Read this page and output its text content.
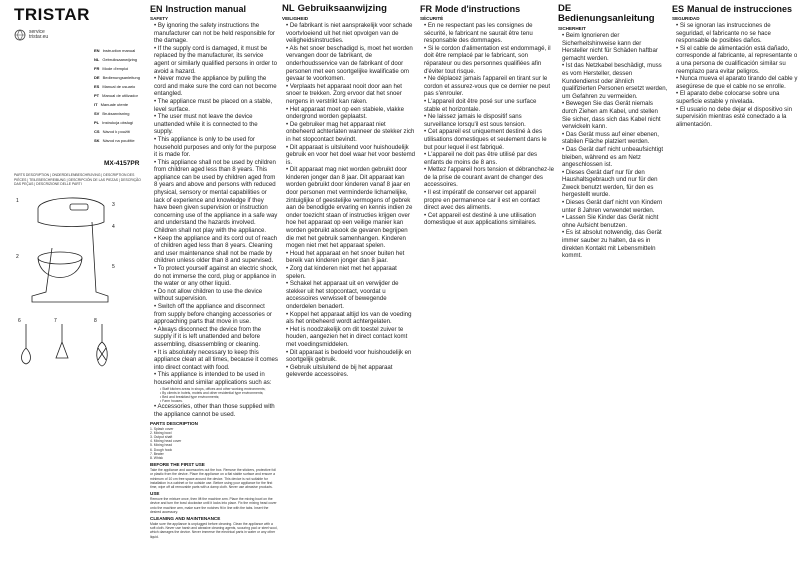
TRISTAR
service
tristar.eu
EN Instruction manual
NL Gebruiksaanwijzing
FR Mode d'emploi
DE Bedienungsanleitung
ES Manual de usuario
PT Manual de utilizador
IT Manuale utente
SV Bruksanvisning
PL Instrukcja obsługi
CS Návod k použití
SK Návod na použitie
MX-4157PR
PARTS DESCRIPTION | ONDERDELENBESCHRIJVING | DESCRIPTION DES PIÈCES | TEILEBESCHREIBUNG | DESCRIPCIÓN DE LAS PIEZAS | DESCRIÇÃO DAS PEÇAS | DESCRIZIONE DELLE PARTI
1
2
3
4
5
6	7	8
EN Instruction manual
SAFETY
• By ignoring the safety instructions the manufacturer can not be held responsible for the damage.
• If the supply cord is damaged, it must be replaced by the manufacturer, its service agent or similarly qualified persons in order to avoid a hazard.
• Never move the appliance by pulling the cord and make sure the cord can not become entangled.
• The appliance must be placed on a stable, level surface.
• The user must not leave the device unattended while it is connected to the supply.
• This appliance is only to be used for household purposes and only for the purpose it is made for.
• This appliance shall not be used by children from children aged less than 8 years. This appliance can be used by children aged from 8 years and above and persons with reduced physical, sensory or mental capabilities or lack of experience and knowledge if they have been given supervision or instruction concerning use of the appliance in a safe way and understand the hazards involved. Children shall not play with the appliance.
• Keep the appliance and its cord out of reach of children aged less than 8 years. Cleaning and user maintenance shall not be made by children unless older than 8 and supervised.
• To protect yourself against an electric shock, do not immerse the cord, plug or appliance in the water or any other liquid.
• Do not allow children to use the device without supervision.
• Switch off the appliance and disconnect from supply before changing accessories or approaching parts that move in use.
• Always disconnect the device from the supply if it is left unattended and before assembling, disassembling or cleaning.
• It is absolutely necessary to keep this appliance clean at all times, because it comes into direct contact with food.
• This appliance is intended to be used in household and similar applications such as:
• Staff kitchen areas in shops, offices and other working environments;
• By clients in hotels, motels and other residential type environments;
• Bed and breakfast type environments;
• Farm houses.
• Accessories, other than those supplied with the appliance cannot be used.
PARTS DESCRIPTION
1. Splash cover
2. Mixing bowl
3. Output shaft
4. Mixing head cover
5. Mixing head
6. Dough hook
7. Beater
8. Whisk
BEFORE THE FIRST USE

Take the appliance and accessories out the box. Remove the stickers, protective foil or plastic from the device. Place the appliance on a flat stable surface and ensure a minimum of 10 cm free space around the device. This device is not suitable for installation in a cabinet or for outside use. Before using your appliance for the first time, wipe off all removable parts with a damp cloth. Never use abrasive products.

USE

Remove the mixture once, then lift the machine arm. Place the mixing bowl on the device and turn the bowl clockwise until it locks into place. Fix the mixing head cover onto the machine arm, make sure the notches fit in line with the tabs. Insert the desired accessory.

CLEANING AND MAINTENANCE

Make sure the appliance is unplugged before cleaning. Clean the appliance with a soft cloth. Never use harsh and abrasive cleaning agents, scouring pad or steel wool, which damages the device. Never immerse the electrical parts in water or any other liquid.

NL Gebruiksaanwijzing
VEILIGHEID
• De fabrikant is niet aansprakelijk voor schade voortvloeiend uit het niet opvolgen van de veiligheidsinstructies.
• Als het snoer beschadigd is, moet het worden vervangen door de fabrikant, de onderhoudsservice van de fabrikant of door personen met een soortgelijke kwalificatie om gevaar te voorkomen.
• Verplaats het apparaat nooit door aan het snoer te trekken. Zorg ervoor dat het snoer nergens in verstrikt kan raken.
• Het apparaat moet op een stabiele, vlakke ondergrond worden geplaatst.
• De gebruiker mag het apparaat niet onbeheerd achterlaten wanneer de stekker zich in het stopcontact bevindt.
• Dit apparaat is uitsluitend voor huishoudelijk gebruik en voor het doel waar het voor bestemd is.
• Dit apparaat mag niet worden gebruikt door kinderen jonger dan 8 jaar. Dit apparaat kan worden gebruikt door kinderen vanaf 8 jaar en door personen met verminderde lichamelijke, zintuiglijke of geestelijke vermogens of gebrek aan de benodigde ervaring en kennis indien ze onder toezicht staan of instructies krijgen over hoe het apparaat op een veilige manier kan worden gebruikt alsook de gevaren begrijpen die met het gebruik samenhangen. Kinderen mogen niet met het apparaat spelen.
• Houd het apparaat en het snoer buiten het bereik van kinderen jonger dan 8 jaar.
• Zorg dat kinderen niet met het apparaat spelen.
• Schakel het apparaat uit en verwijder de stekker uit het stopcontact, voordat u accessoires verwisselt of bewegende onderdelen benadert.
• Koppel het apparaat altijd los van de voeding als het onbeheerd wordt achtergelaten.
• Het is noodzakelijk om dit toestel zuiver te houden, aangezien het in direct contact komt met voedingsmiddelen.
• Dit apparaat is bedoeld voor huishoudelijk en soortgelijk gebruik.
• Gebruik uitsluitend de bij het apparaat geleverde accessoires.
FR Mode d'instructions
SÉCURITÉ
• En ne respectant pas les consignes de sécurité, le fabricant ne saurait être tenu responsable des dommages.
• Si le cordon d'alimentation est endommagé, il doit être remplacé par le fabricant, son réparateur ou des personnes qualifiées afin d'éviter tout risque.
• Ne déplacez jamais l'appareil en tirant sur le cordon et assurez-vous que ce dernier ne peut pas s'enrouler.
• L'appareil doit être posé sur une surface stable et horizontale.
• Ne laissez jamais le dispositif sans surveillance lorsqu'il est sous tension.
• Cet appareil est uniquement destiné à des utilisations domestiques et seulement dans le but pour lequel il est fabriqué.
• L'appareil ne doit pas être utilisé par des enfants de moins de 8 ans.
• Mettez l'appareil hors tension et débranchez-le de la prise de courant avant de changer des accessoires.
• Il est impératif de conserver cet appareil propre en permanence car il est en contact direct avec des aliments.
• Cet appareil est destiné à une utilisation domestique et aux applications similaires.
DEBedienungsanleitung
SICHERHEIT
• Beim Ignorieren der Sicherheitshinweise kann der Hersteller nicht für Schäden haftbar gemacht werden.
• Ist das Netzkabel beschädigt, muss es vom Hersteller, dessen Kundendienst oder ähnlich qualifizierten Personen ersetzt werden, um Gefahren zu vermeiden.
• Bewegen Sie das Gerät niemals durch Ziehen am Kabel, und stellen Sie sicher, dass sich das Kabel nicht verwickeln kann.
• Das Gerät muss auf einer ebenen, stabilen Fläche platziert werden.
• Das Gerät darf nicht unbeaufsichtigt bleiben, während es am Netz angeschlossen ist.
• Dieses Gerät darf nur für den Haushaltsgebrauch und nur für den Zweck benutzt werden, für den es hergestellt wurde.
• Dieses Gerät darf nicht von Kindern unter 8 Jahren verwendet werden.
• Lassen Sie Kinder das Gerät nicht ohne Aufsicht benutzen.
• Es ist absolut notwendig, das Gerät immer sauber zu halten, da es in direkten Kontakt mit Lebensmitteln kommt.
ES Manual de instrucciones
SEGURIDAD
• Si se ignoran las instrucciones de seguridad, el fabricante no se hace responsable de posibles daños.
• Si el cable de alimentación está dañado, corresponde al fabricante, al representante o a una persona de cualificación similar su reemplazo para evitar peligros.
• Nunca mueva el aparato tirando del cable y asegúrese de que el cable no se enrolle.
• El aparato debe colocarse sobre una superficie estable y nivelada.
• El usuario no debe dejar el dispositivo sin supervisión mientras esté conectado a la alimentación.
